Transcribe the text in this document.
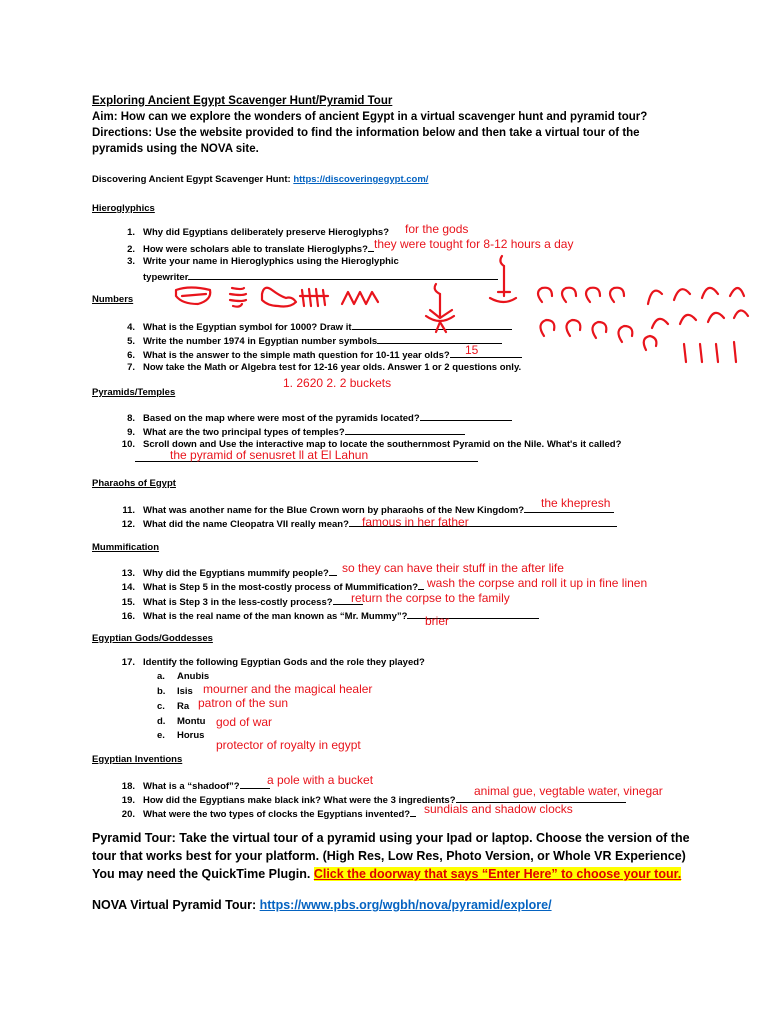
Exploring Ancient Egypt Scavenger Hunt/Pyramid Tour
Aim: How can we explore the wonders of ancient Egypt in a virtual scavenger hunt and pyramid tour?
Directions: Use the website provided to find the information below and then take a virtual tour of the pyramids using the NOVA site.
Discovering Ancient Egypt Scavenger Hunt: https://discoveringegypt.com/
Hieroglyphics
1. Why did Egyptians deliberately preserve Hieroglyphs?
2. How were scholars able to translate Hieroglyphs?
3. Write your name in Hieroglyphics using the Hieroglyphic
typewriter
for the gods
they were tought for 8-12 hours a day
Numbers
4. What is the Egyptian symbol for 1000? Draw it
5. Write the number 1974 in Egyptian number symbols
6. What is the answer to the simple math question for 10-11 year olds?
7. Now take the Math or Algebra test for 12-16 year olds. Answer 1 or 2 questions only.
15
1. 2620 2. 2 buckets
Pyramids/Temples
8. Based on the map where were most of the pyramids located?
9. What are the two principal types of temples?
10. Scroll down and Use the interactive map to locate the southernmost Pyramid on the Nile. What's it called?
the pyramid of senusret ll at El Lahun
Pharaohs of Egypt
11. What was another name for the Blue Crown worn by pharaohs of the New Kingdom?
12. What did the name Cleopatra VII really mean?
the khepresh
famous in her father
Mummification
13. Why did the Egyptians mummify people?
14. What is Step 5 in the most-costly process of Mummification?
15. What is Step 3 in the less-costly process?
16. What is the real name of the man known as “Mr. Mummy”?
so they can have their stuff in the after life
wash the corpse and roll it up in fine linen
return the corpse to the family
brier
Egyptian Gods/Goddesses
17. Identify the following Egyptian Gods and the role they played?
a. Anubis
b. Isis
c. Ra
d. Montu
e. Horus
mourner and the magical healer
patron of the sun
god of war
protector of royalty in egypt
Egyptian Inventions
18. What is a “shadoof”?
19. How did the Egyptians make black ink? What were the 3 ingredients?
20. What were the two types of clocks the Egyptians invented?
a pole with a bucket
animal gue, vegtable water, vinegar
sundials and shadow clocks
Pyramid Tour: Take the virtual tour of a pyramid using your Ipad or laptop. Choose the version of the tour that works best for your platform. (High Res, Low Res, Photo Version, or Whole VR Experience) You may need the QuickTime Plugin. Click the doorway that says “Enter Here” to choose your tour.
NOVA Virtual Pyramid Tour: https://www.pbs.org/wgbh/nova/pyramid/explore/
